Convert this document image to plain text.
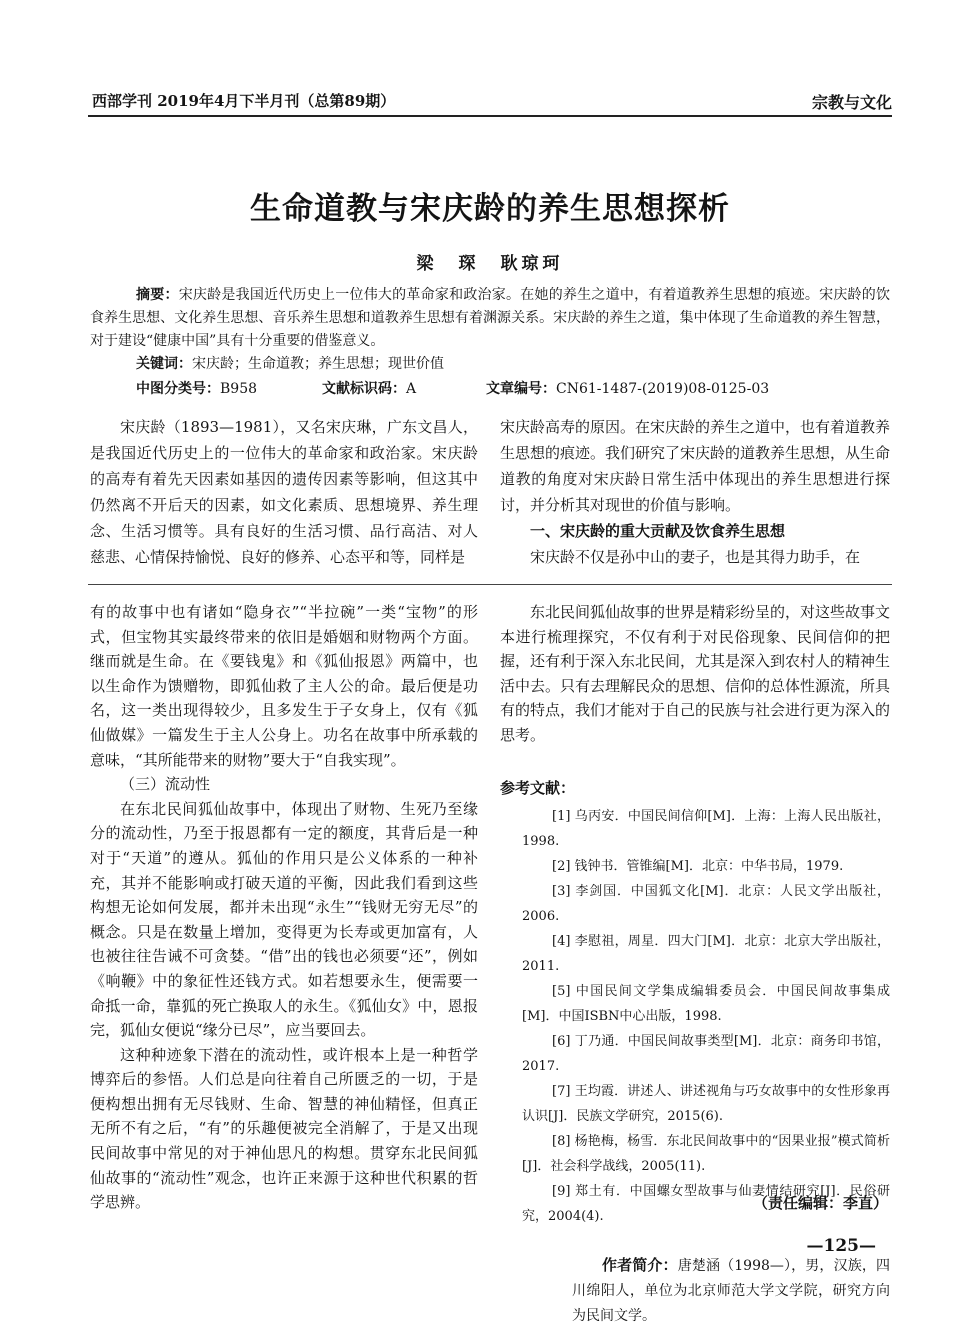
西部学刊 2019年4月下半月刊（总第89期）	宗教与文化
生命道教与宋庆龄的养生思想探析
梁　琛　耿琼珂

摘要：宋庆龄是我国近代历史上一位伟大的革命家和政治家。在她的养生之道中，有着道教养生思想的痕迹。宋庆龄的饮食养生思想、文化养生思想、音乐养生思想和道教养生思想有着渊源关系。宋庆龄的养生之道，集中体现了生命道教的养生智慧，对于建设“健康中国”具有十分重要的借鉴意义。

关键词：宋庆龄；生命道教；养生思想；现世价值
中图分类号：B958	文献标识码：A	文章编号：CN61-1487-(2019)08-0125-03

宋庆龄（1893—1981），又名宋庆琳，广东文昌人，是我国近代历史上的一位伟大的革命家和政治家。宋庆龄的高寿有着先天因素如基因的遗传因素等影响，但这其中仍然离不开后天的因素，如文化素质、思想境界、养生理念、生活习惯等。具有良好的生活习惯、品行高洁、对人慈悲、心情保持愉悦、良好的修养、心态平和等，同样是

宋庆龄高寿的原因。在宋庆龄的养生之道中，也有着道教养生思想的痕迹。我们研究了宋庆龄的道教养生思想，从生命道教的角度对宋庆龄日常生活中体现出的养生思想进行探讨，并分析其对现世的价值与影响。

一、宋庆龄的重大贡献及饮食养生思想

宋庆龄不仅是孙中山的妻子，也是其得力助手，在

有的故事中也有诸如“隐身衣”“半拉碗”一类“宝物”的形式，但宝物其实最终带来的依旧是婚姻和财物两个方面。继而就是生命。在《要钱鬼》和《狐仙报恩》两篇中，也以生命作为馈赠物，即狐仙救了主人公的命。最后便是功名，这一类出现得较少，且多发生于子女身上，仅有《狐仙做媒》一篇发生于主人公身上。功名在故事中所承载的意味，“其所能带来的财物”要大于“自我实现”。

（三）流动性

在东北民间狐仙故事中，体现出了财物、生死乃至缘分的流动性，乃至于报恩都有一定的额度，其背后是一种对于“天道”的遵从。狐仙的作用只是公义体系的一种补充，其并不能影响或打破天道的平衡，因此我们看到这些构想无论如何发展，都并未出现“永生”“钱财无穷无尽”的概念。只是在数量上增加，变得更为长寿或更加富有，人也被往往告诫不可贪婪。“借”出的钱也必须要“还”，例如《响鞭》中的象征性还钱方式。如若想要永生，便需要一命抵一命，靠狐的死亡换取人的永生。《狐仙女》中，恩报完，狐仙女便说“缘分已尽”，应当要回去。

这种种迹象下潜在的流动性，或许根本上是一种哲学博弈后的参悟。人们总是向往着自己所匮乏的一切，于是便构想出拥有无尽钱财、生命、智慧的神仙精怪，但真正无所不有之后，“有”的乐趣便被完全消解了，于是又出现民间故事中常见的对于神仙思凡的构想。贯穿东北民间狐仙故事的“流动性”观念，也许正来源于这种世代积累的哲学思辨。

东北民间狐仙故事的世界是精彩纷呈的，对这些故事文本进行梳理探究，不仅有利于对民俗现象、民间信仰的把握，还有利于深入东北民间，尤其是深入到农村人的精神生活中去。只有去理解民众的思想、信仰的总体性源流，所具有的特点，我们才能对于自己的民族与社会进行更为深入的思考。

参考文献：

[1] 乌丙安．中国民间信仰[M]．上海：上海人民出版社，1998.

[2] 钱钟书．管锥编[M]．北京：中华书局，1979.

[3] 李剑国．中国狐文化[M]．北京：人民文学出版社，2006.

[4] 李慰祖，周星．四大门[M]．北京：北京大学出版社，2011.

[5] 中国民间文学集成编辑委员会．中国民间故事集成[M]．中国ISBN中心出版，1998.

[6] 丁乃通．中国民间故事类型[M]．北京：商务印书馆，2017.

[7] 王均霞．讲述人、讲述视角与巧女故事中的女性形象再认识[J]．民族文学研究，2015(6).

[8] 杨艳梅，杨雪．东北民间故事中的“因果业报”模式简析[J]．社会科学战线，2005(11).

[9] 郑土有．中国螺女型故事与仙妻情结研究[J]．民俗研究，2004(4).

作者简介：唐楚涵（1998—），男，汉族，四川绵阳人，单位为北京师范大学文学院，研究方向为民间文学。

（责任编辑：李直）
—125—
